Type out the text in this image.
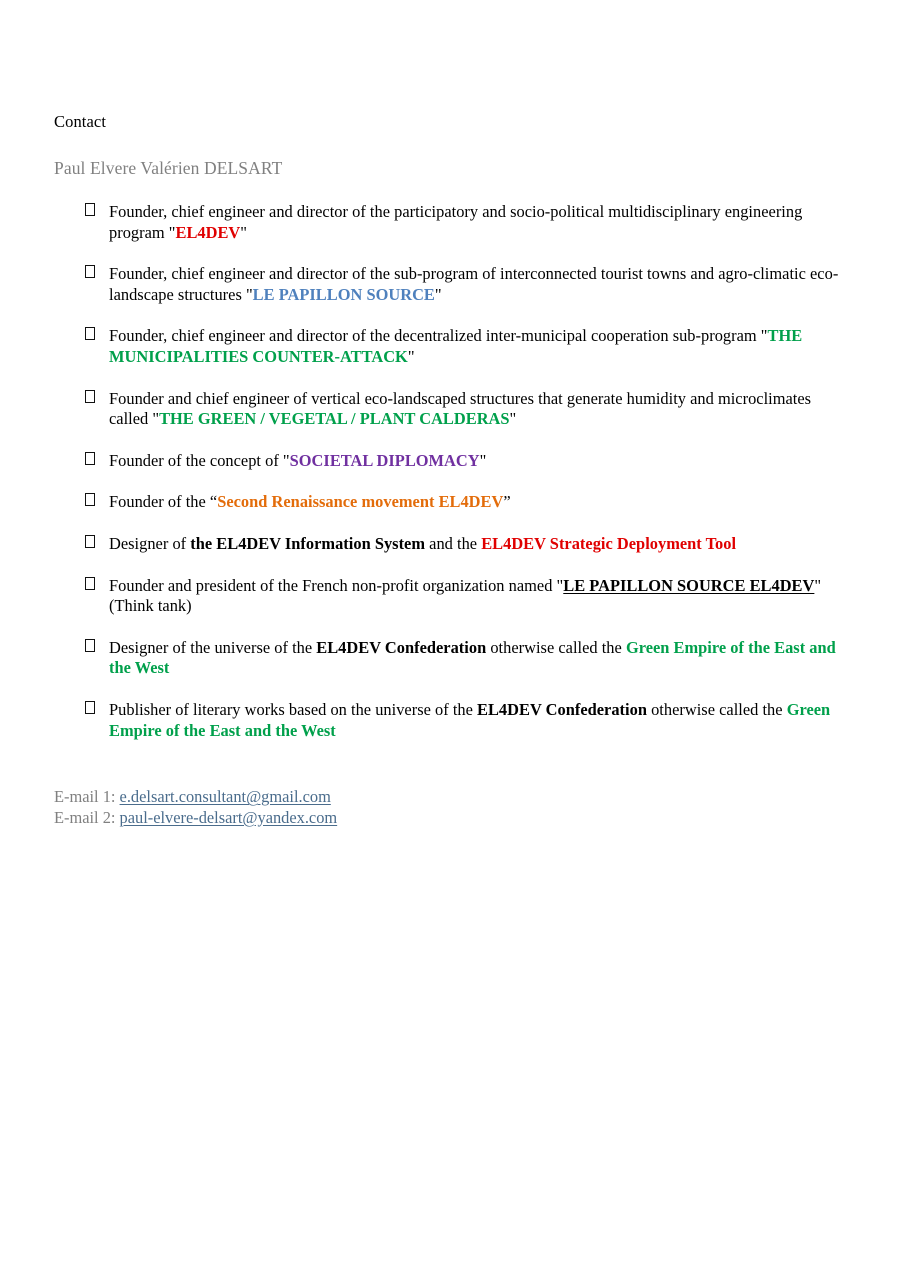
Contact
Paul Elvere Valérien DELSART
Founder, chief engineer and director of the participatory and socio-political multidisciplinary engineering program "EL4DEV"
Founder, chief engineer and director of the sub-program of interconnected tourist towns and agro-climatic eco-landscape structures "LE PAPILLON SOURCE"
Founder, chief engineer and director of the decentralized inter-municipal cooperation sub-program "THE MUNICIPALITIES COUNTER-ATTACK"
Founder and chief engineer of vertical eco-landscaped structures that generate humidity and microclimates called "THE GREEN / VEGETAL / PLANT CALDERAS"
Founder of the concept of "SOCIETAL DIPLOMACY"
Founder of the “Second Renaissance movement EL4DEV”
Designer of the EL4DEV Information System and the EL4DEV Strategic Deployment Tool
Founder and president of the French non-profit organization named "LE PAPILLON SOURCE EL4DEV" (Think tank)
Designer of the universe of the EL4DEV Confederation otherwise called the Green Empire of the East and the West
Publisher of literary works based on the universe of the EL4DEV Confederation otherwise called the Green Empire of the East and the West
E-mail 1: e.delsart.consultant@gmail.com
E-mail 2: paul-elvere-delsart@yandex.com
